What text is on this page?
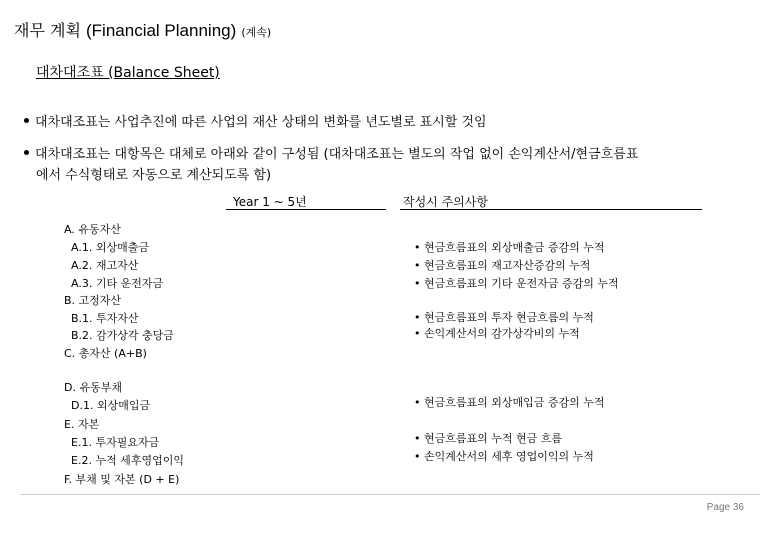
재무 계획 (Financial Planning) (계속)
대차대조표 (Balance Sheet)
대차대조표는 사업추진에 따른 사업의 재산 상태의 변화를 년도별로 표시할 것임
대차대조표는 대항목은 대체로 아래와 같이 구성됨 (대차대조표는 별도의 작업 없이 손익계산서/현금흐름표
에서 수식형태로 자동으로 계산되도록 함)
Year 1 ~ 5년	작성시 주의사항
A. 유동자산
A.1. 외상매출금
A.2. 재고자산
A.3. 기타 운전자금
B. 고정자산
B.1. 투자자산
B.2. 감가상각 충당금
C. 총자산 (A+B)
D. 유동부채
D.1. 외상매입금
E. 자본
E.1. 투자필요자금
E.2. 누적 세후영업이익
F. 부채 및 자본 (D + E)
• 현금흐름표의 외상매출금 증감의 누적
• 현금흐름표의 재고자산증감의 누적
• 현금흐름표의 기타 운전자금 증감의 누적
• 현금흐름표의 투자 현금흐름의 누적
• 손익계산서의 감가상각비의 누적
• 현금흐름표의 외상매입금 증감의 누적
• 현금흐름표의 누적 현금 흐름
• 손익계산서의 세후 영업이익의 누적
Page 36
